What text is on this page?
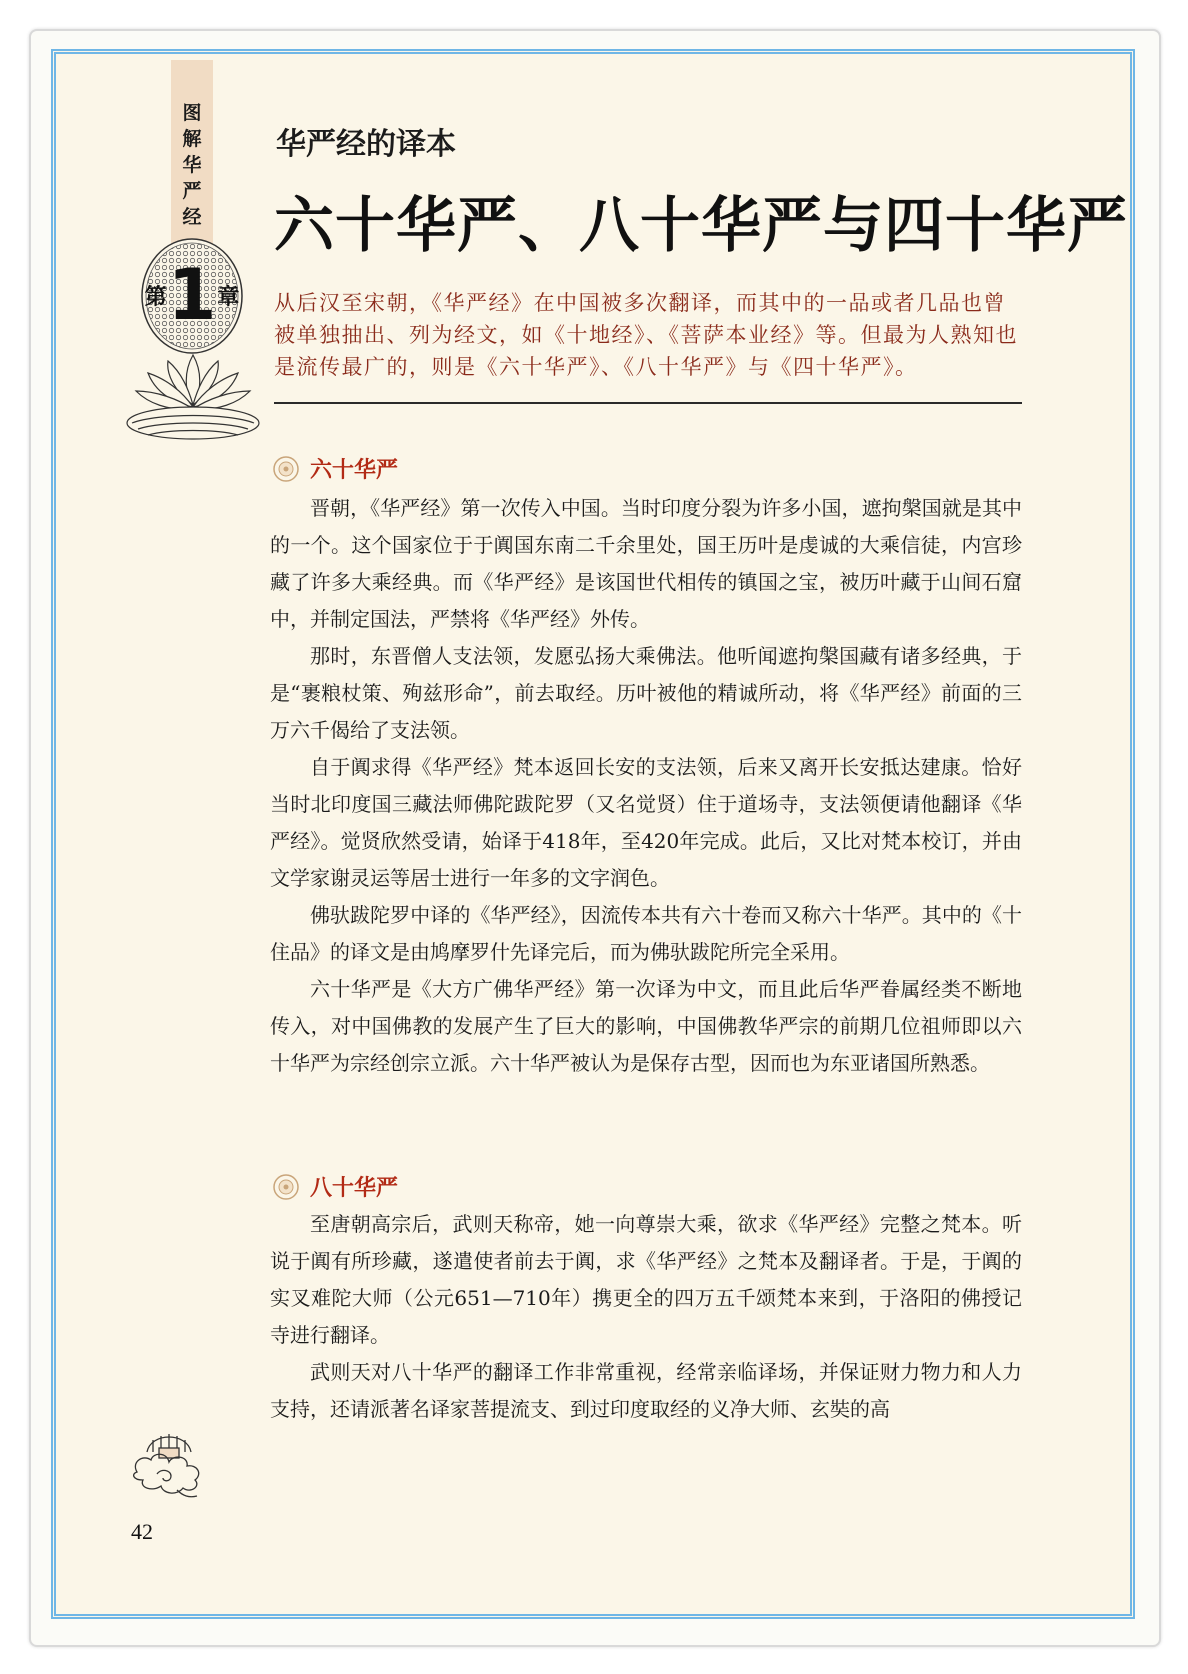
图
解
华
严
经
第 1 章
华严经的译本
六十华严、八十华严与四十华严

从后汉至宋朝，《华严经》在中国被多次翻译，而其中的一品或者几品也曾被单独抽出、列为经文，如《十地经》、《菩萨本业经》等。但最为人熟知也是流传最广的，则是《六十华严》、《八十华严》与《四十华严》。

六十华严

晋朝，《华严经》第一次传入中国。当时印度分裂为许多小国，遮拘槃国就是其中的一个。这个国家位于于阗国东南二千余里处，国王历叶是虔诚的大乘信徒，内宫珍藏了许多大乘经典。而《华严经》是该国世代相传的镇国之宝，被历叶藏于山间石窟中，并制定国法，严禁将《华严经》外传。

那时，东晋僧人支法领，发愿弘扬大乘佛法。他听闻遮拘槃国藏有诸多经典，于是“裹粮杖策、殉兹形命”，前去取经。历叶被他的精诚所动，将《华严经》前面的三万六千偈给了支法领。

自于阗求得《华严经》梵本返回长安的支法领，后来又离开长安抵达建康。恰好当时北印度国三藏法师佛陀跋陀罗（又名觉贤）住于道场寺，支法领便请他翻译《华严经》。觉贤欣然受请，始译于418年，至420年完成。此后，又比对梵本校订，并由文学家谢灵运等居士进行一年多的文字润色。

佛驮跋陀罗中译的《华严经》，因流传本共有六十卷而又称六十华严。其中的《十住品》的译文是由鸠摩罗什先译完后，而为佛驮跋陀所完全采用。

六十华严是《大方广佛华严经》第一次译为中文，而且此后华严眷属经类不断地传入，对中国佛教的发展产生了巨大的影响，中国佛教华严宗的前期几位祖师即以六十华严为宗经创宗立派。六十华严被认为是保存古型，因而也为东亚诸国所熟悉。

八十华严

至唐朝高宗后，武则天称帝，她一向尊崇大乘，欲求《华严经》完整之梵本。听说于阗有所珍藏，遂遣使者前去于阗，求《华严经》之梵本及翻译者。于是，于阗的实叉难陀大师（公元651—710年）携更全的四万五千颂梵本来到，于洛阳的佛授记寺进行翻译。

武则天对八十华严的翻译工作非常重视，经常亲临译场，并保证财力物力和人力支持，还请派著名译家菩提流支、到过印度取经的义净大师、玄奘的高

42
